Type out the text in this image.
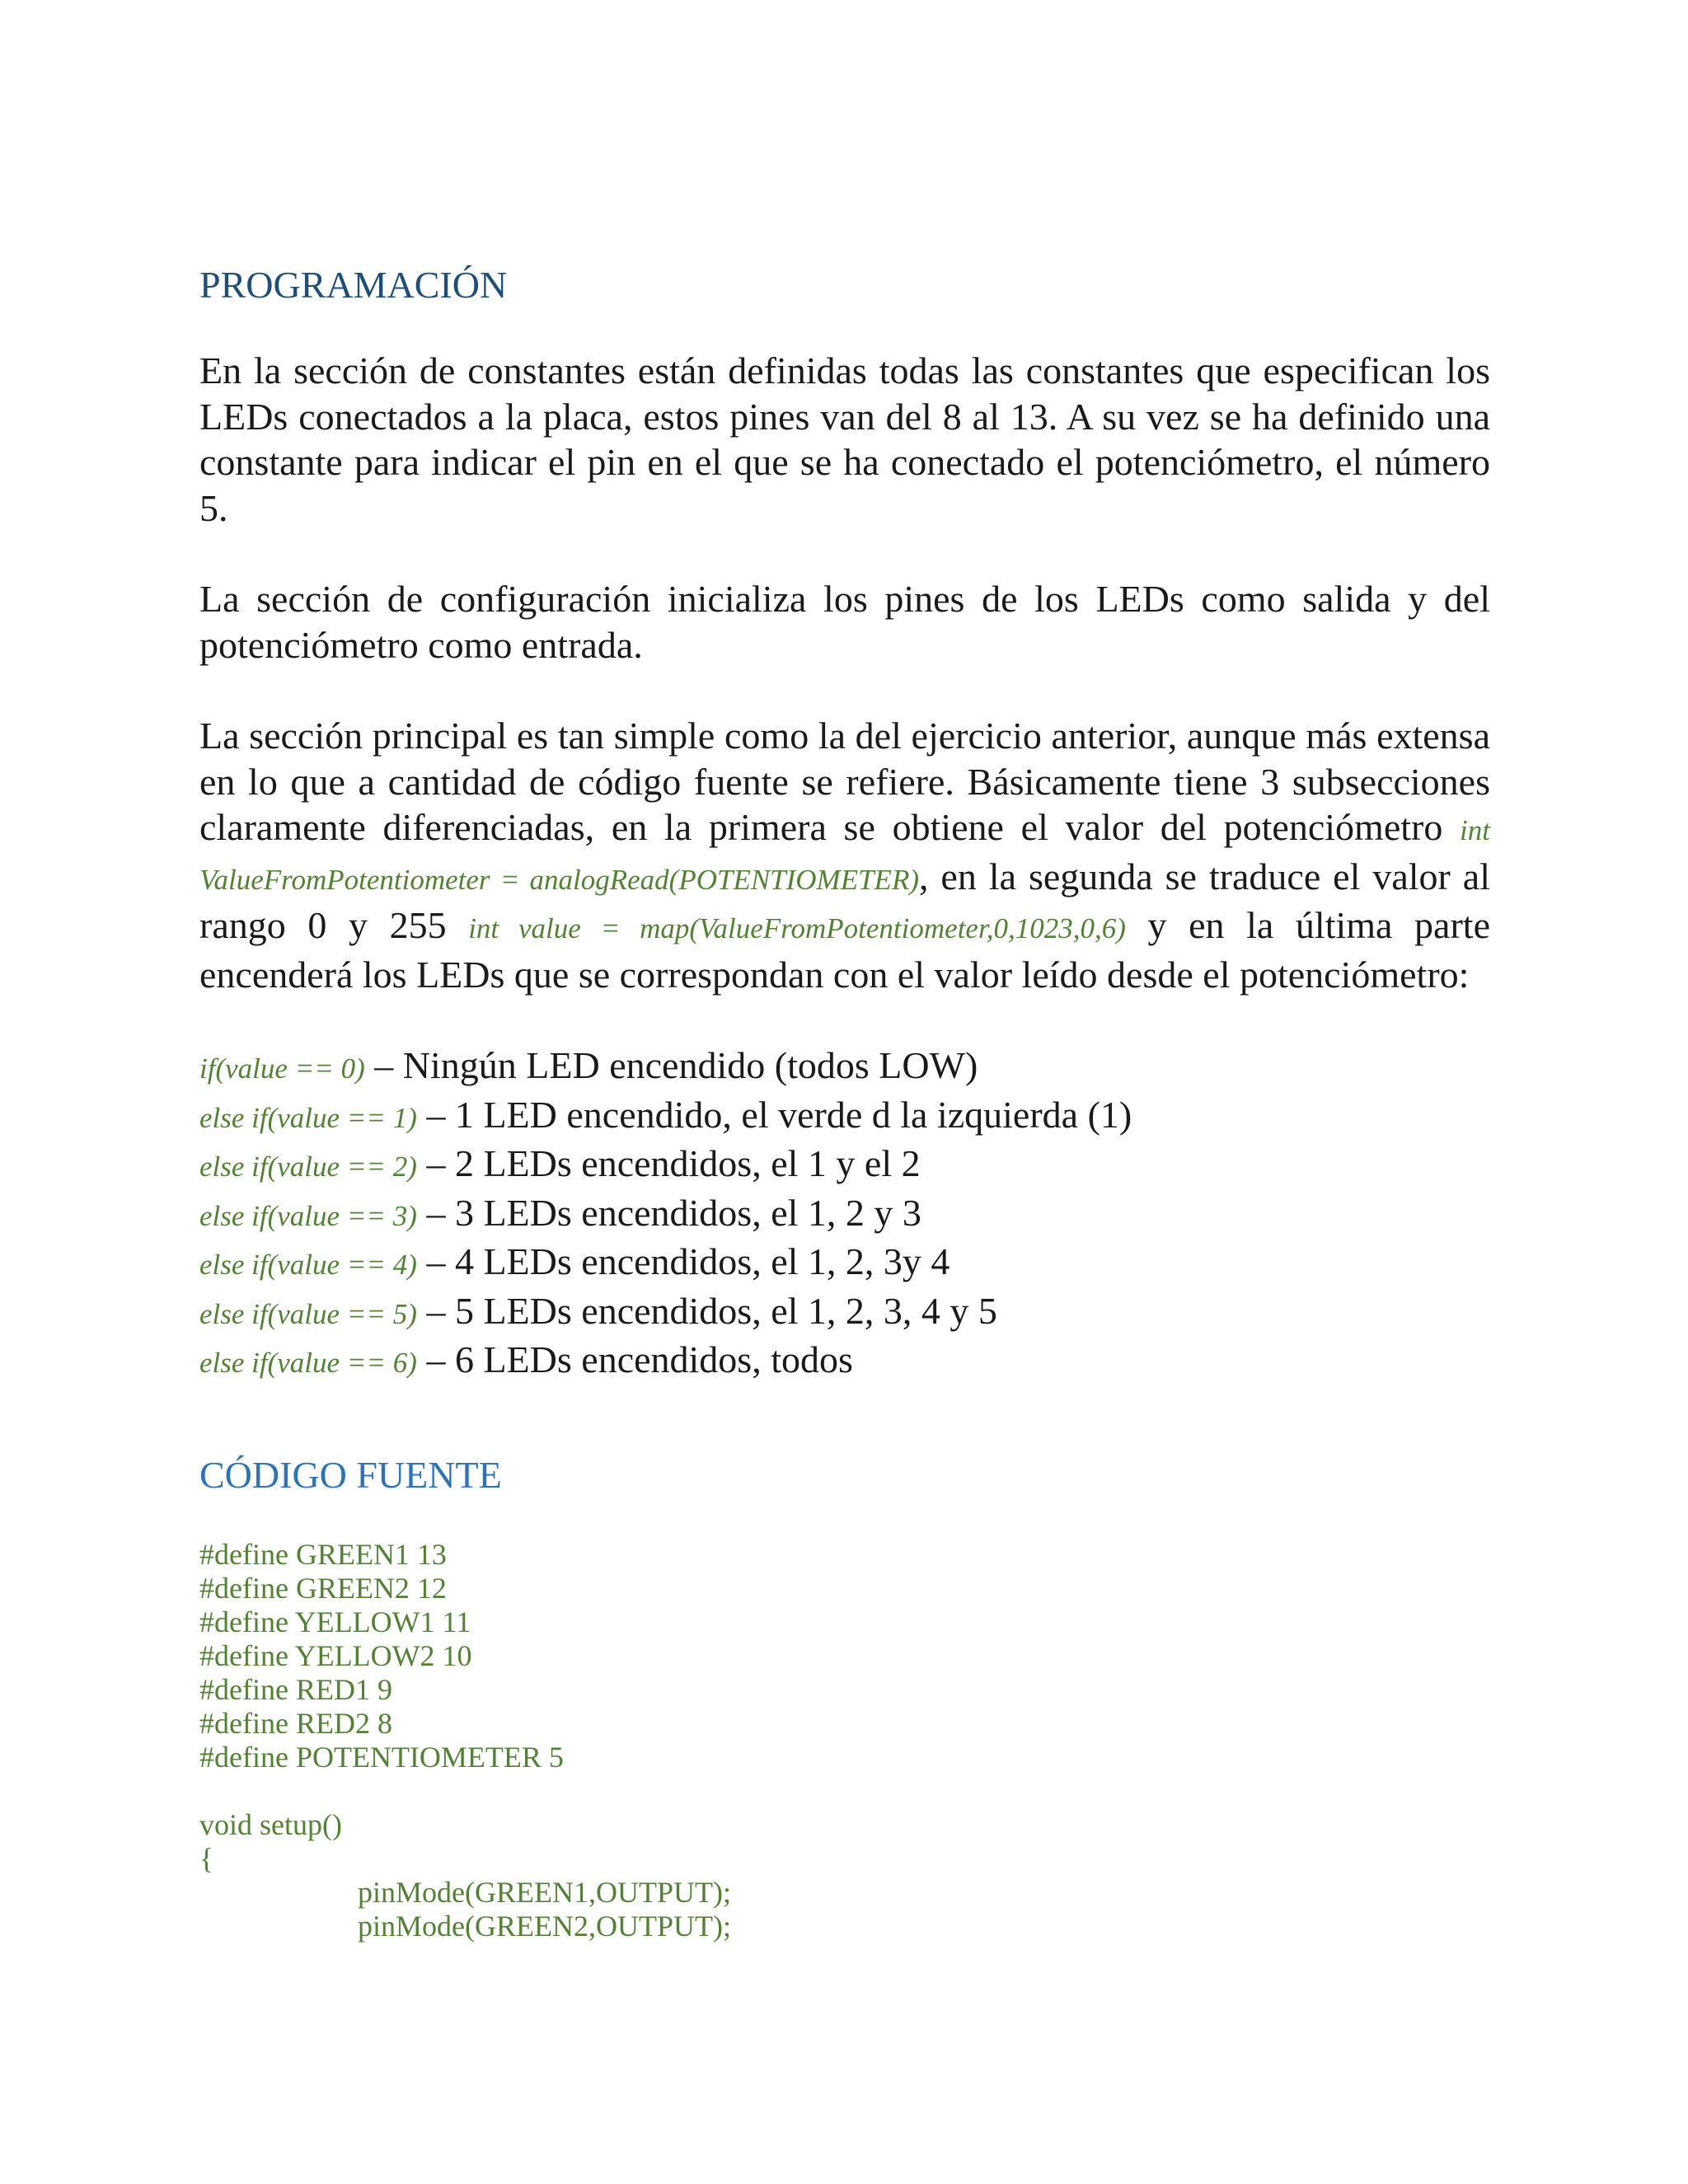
PROGRAMACIÓN

En la sección de constantes están definidas todas las constantes que especifican los LEDs conectados a la placa, estos pines van del 8 al 13. A su vez se ha definido una constante para indicar el pin en el que se ha conectado el potenciómetro, el número 5.

La sección de configuración inicializa los pines de los LEDs como salida y del potenciómetro como entrada.

La sección principal es tan simple como la del ejercicio anterior, aunque más extensa en lo que a cantidad de código fuente se refiere. Básicamente tiene 3 subsecciones claramente diferenciadas, en la primera se obtiene el valor del potenciómetro int ValueFromPotentiometer = analogRead(POTENTIOMETER), en la segunda se traduce el valor al rango 0 y 255 int value = map(ValueFromPotentiometer,0,1023,0,6) y en la última parte encenderá los LEDs que se correspondan con el valor leído desde el potenciómetro:

if(value == 0) – Ningún LED encendido (todos LOW)
else if(value == 1) – 1 LED encendido, el verde d la izquierda (1)
else if(value == 2) – 2 LEDs encendidos, el 1 y el 2
else if(value == 3) – 3 LEDs encendidos, el 1, 2 y 3
else if(value == 4) – 4 LEDs encendidos, el 1, 2, 3y 4
else if(value == 5) – 5 LEDs encendidos, el 1, 2, 3, 4 y 5
else if(value == 6) – 6 LEDs encendidos, todos
CÓDIGO FUENTE
#define GREEN1 13
#define GREEN2 12
#define YELLOW1 11
#define YELLOW2 10
#define RED1 9
#define RED2 8
#define POTENTIOMETER 5
void setup()
{
pinMode(GREEN1,OUTPUT);
pinMode(GREEN2,OUTPUT);
